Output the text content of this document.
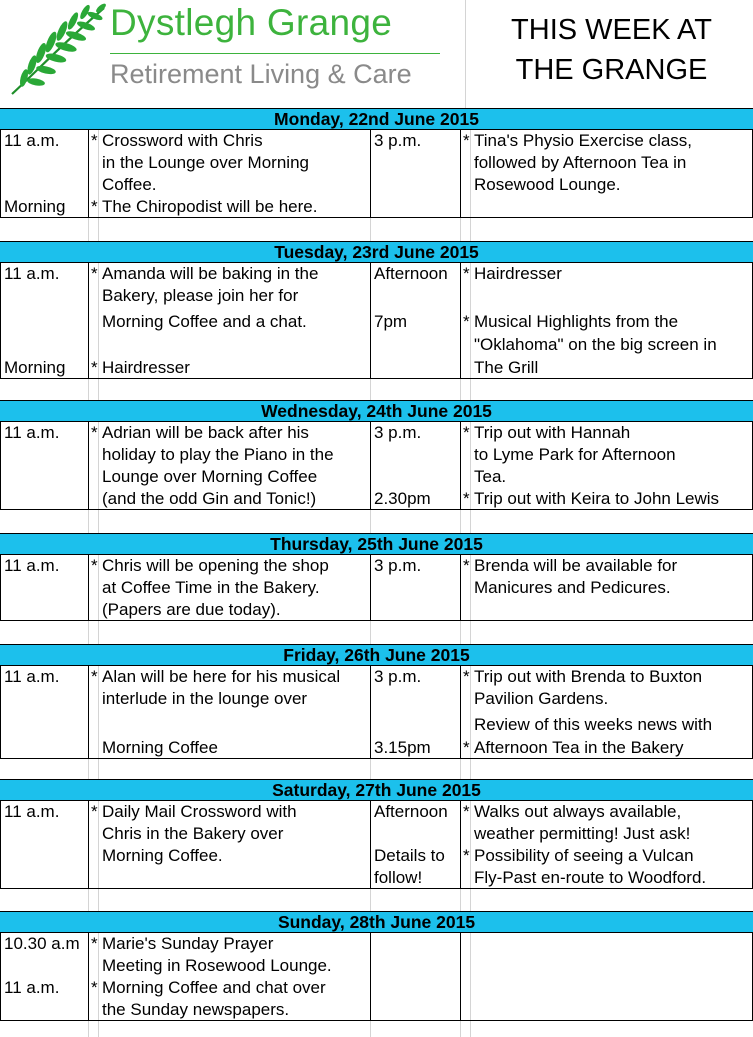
Dystlegh Grange
Retirement Living & Care
THIS WEEK AT
THE GRANGE
Monday, 22nd June 2015
11 a.m. * Crossword with Chris	3 p.m. * Tina's Physio Exercise class,
in the Lounge over Morning	followed by Afternoon Tea in
Coffee.	Rosewood Lounge.
Morning * The Chiropodist will be here.
Tuesday, 23rd June 2015
11 a.m. * Amanda will be baking in the	Afternoon * Hairdresser
Bakery, please join her for
Morning Coffee and a chat.	7pm	* Musical Highlights from the
"Oklahoma" on the big screen in
Morning * Hairdresser	The Grill
Wednesday, 24th June 2015
11 a.m. * Adrian will be back after his	3 p.m. * Trip out with Hannah
holiday to play the Piano in the	to Lyme Park for Afternoon
Lounge over Morning Coffee	Tea.
(and the odd Gin and Tonic!)	2.30pm * Trip out with Keira to John Lewis
Thursday, 25th June 2015
11 a.m. * Chris will be opening the shop	3 p.m. * Brenda will be available for
at Coffee Time in the Bakery.	Manicures and Pedicures.
(Papers are due today).
Friday, 26th June 2015
11 a.m. * Alan will be here for his musical 3 p.m. * Trip out with Brenda to Buxton
interlude in the lounge over	Pavilion Gardens.
Review of this weeks news with
Morning Coffee	3.15pm * Afternoon Tea in the Bakery
Saturday, 27th June 2015
11 a.m. * Daily Mail Crossword with	Afternoon * Walks out always available,
Chris in the Bakery over	weather permitting! Just ask!
Morning Coffee.	Details to * Possibility of seeing a Vulcan
follow!	Fly-Past en-route to Woodford.
Sunday, 28th June 2015
10.30 a.m * Marie's Sunday Prayer
Meeting in Rosewood Lounge.
11 a.m. * Morning Coffee and chat over
the Sunday newspapers.
